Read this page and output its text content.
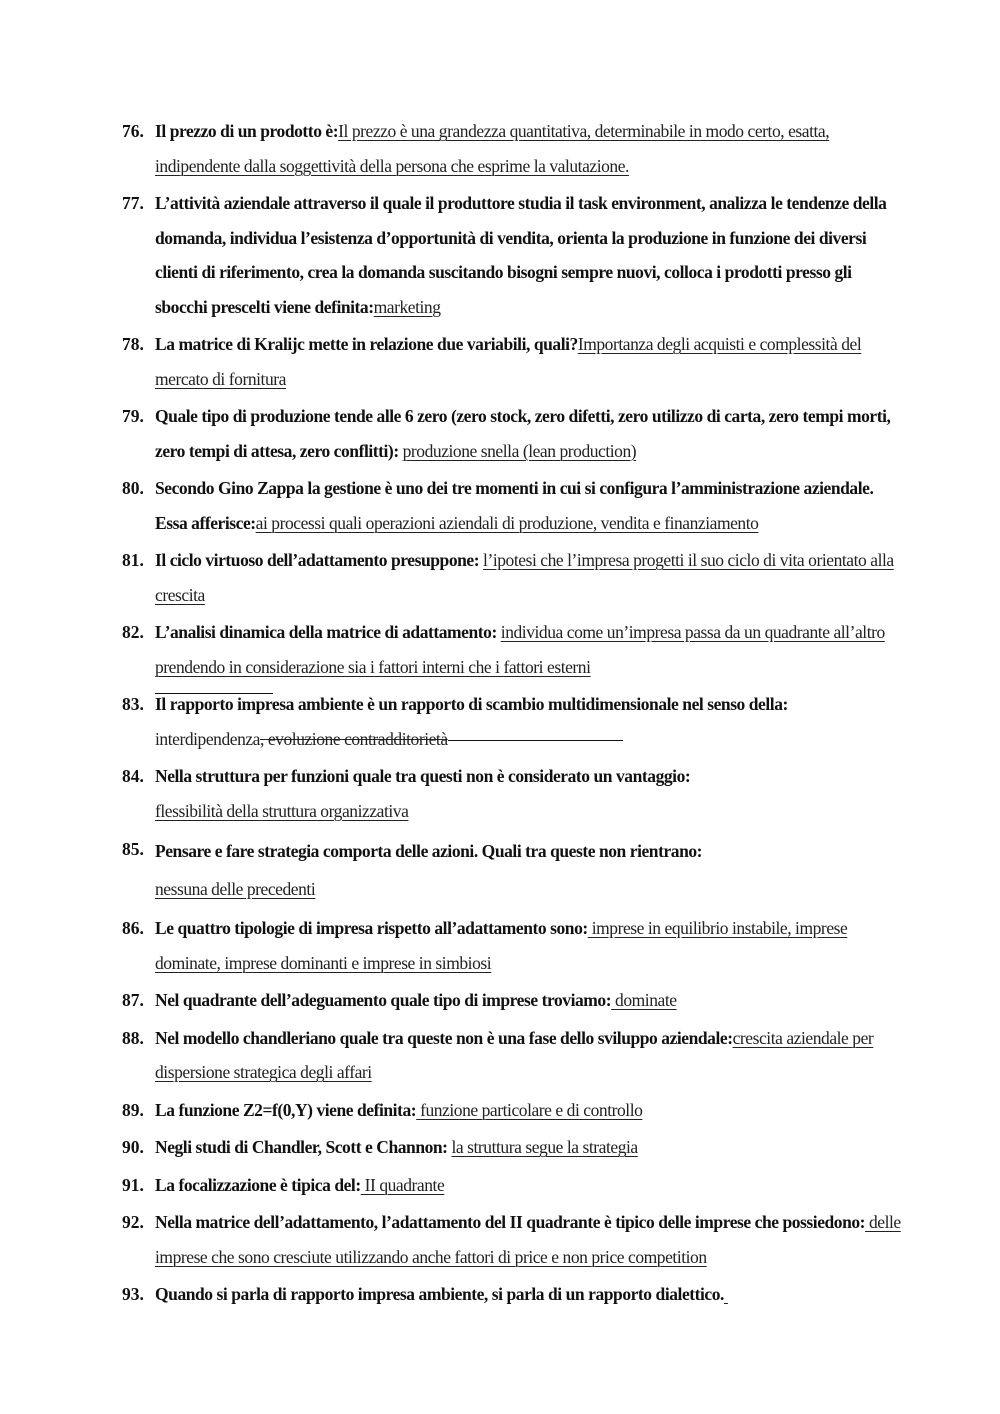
76. Il prezzo di un prodotto è:Il prezzo è una grandezza quantitativa, determinabile in modo certo, esatta, indipendente dalla soggettività della persona che esprime la valutazione.
77. L’attività aziendale attraverso il quale il produttore studia il task environment, analizza le tendenze della domanda, individua l’esistenza d’opportunità di vendita, orienta la produzione in funzione dei diversi clienti di riferimento, crea la domanda suscitando bisogni sempre nuovi, colloca i prodotti presso gli sbocchi prescelti viene definita:marketing
78. La matrice di Kralijc mette in relazione due variabili, quali?Importanza degli acquisti e complessità del mercato di fornitura
79. Quale tipo di produzione tende alle 6 zero (zero stock, zero difetti, zero utilizzo di carta, zero tempi morti, zero tempi di attesa, zero conflitti): produzione snella (lean production)
80. Secondo Gino Zappa la gestione è uno dei tre momenti in cui si configura l’amministrazione aziendale. Essa afferisce:ai processi quali operazioni aziendali di produzione, vendita e finanziamento
81. Il ciclo virtuoso dell’adattamento presuppone: l’ipotesi che l’impresa progetti il suo ciclo di vita orientato alla crescita
82. L’analisi dinamica della matrice di adattamento: individua come un’impresa passa da un quadrante all’altro prendendo in considerazione sia i fattori interni che i fattori esterni
83. Il rapporto impresa ambiente è un rapporto di scambio multidimensionale nel senso della:
interdipendenza, evoluzione contradditorietà
84. Nella struttura per funzioni quale tra questi non è considerato un vantaggio:
flessibilità della struttura organizzativa
85. Pensare e fare strategia comporta delle azioni. Quali tra queste non rientrano:
nessuna delle precedenti
86. Le quattro tipologie di impresa rispetto all’adattamento sono: imprese in equilibrio instabile, imprese dominate, imprese dominanti e imprese in simbiosi
87. Nel quadrante dell’adeguamento quale tipo di imprese troviamo: dominate
88. Nel modello chandleriano quale tra queste non è una fase dello sviluppo aziendale:crescita aziendale per dispersione strategica degli affari
89. La funzione Z2=f(0,Y) viene definita: funzione particolare e di controllo
90. Negli studi di Chandler, Scott e Channon: la struttura segue la strategia
91. La focalizzazione è tipica del: II quadrante
92. Nella matrice dell’adattamento, l’adattamento del II quadrante è tipico delle imprese che possiedono: delle imprese che sono cresciute utilizzando anche fattori di price e non price competition
93. Quando si parla di rapporto impresa ambiente, si parla di un rapporto dialettico.
